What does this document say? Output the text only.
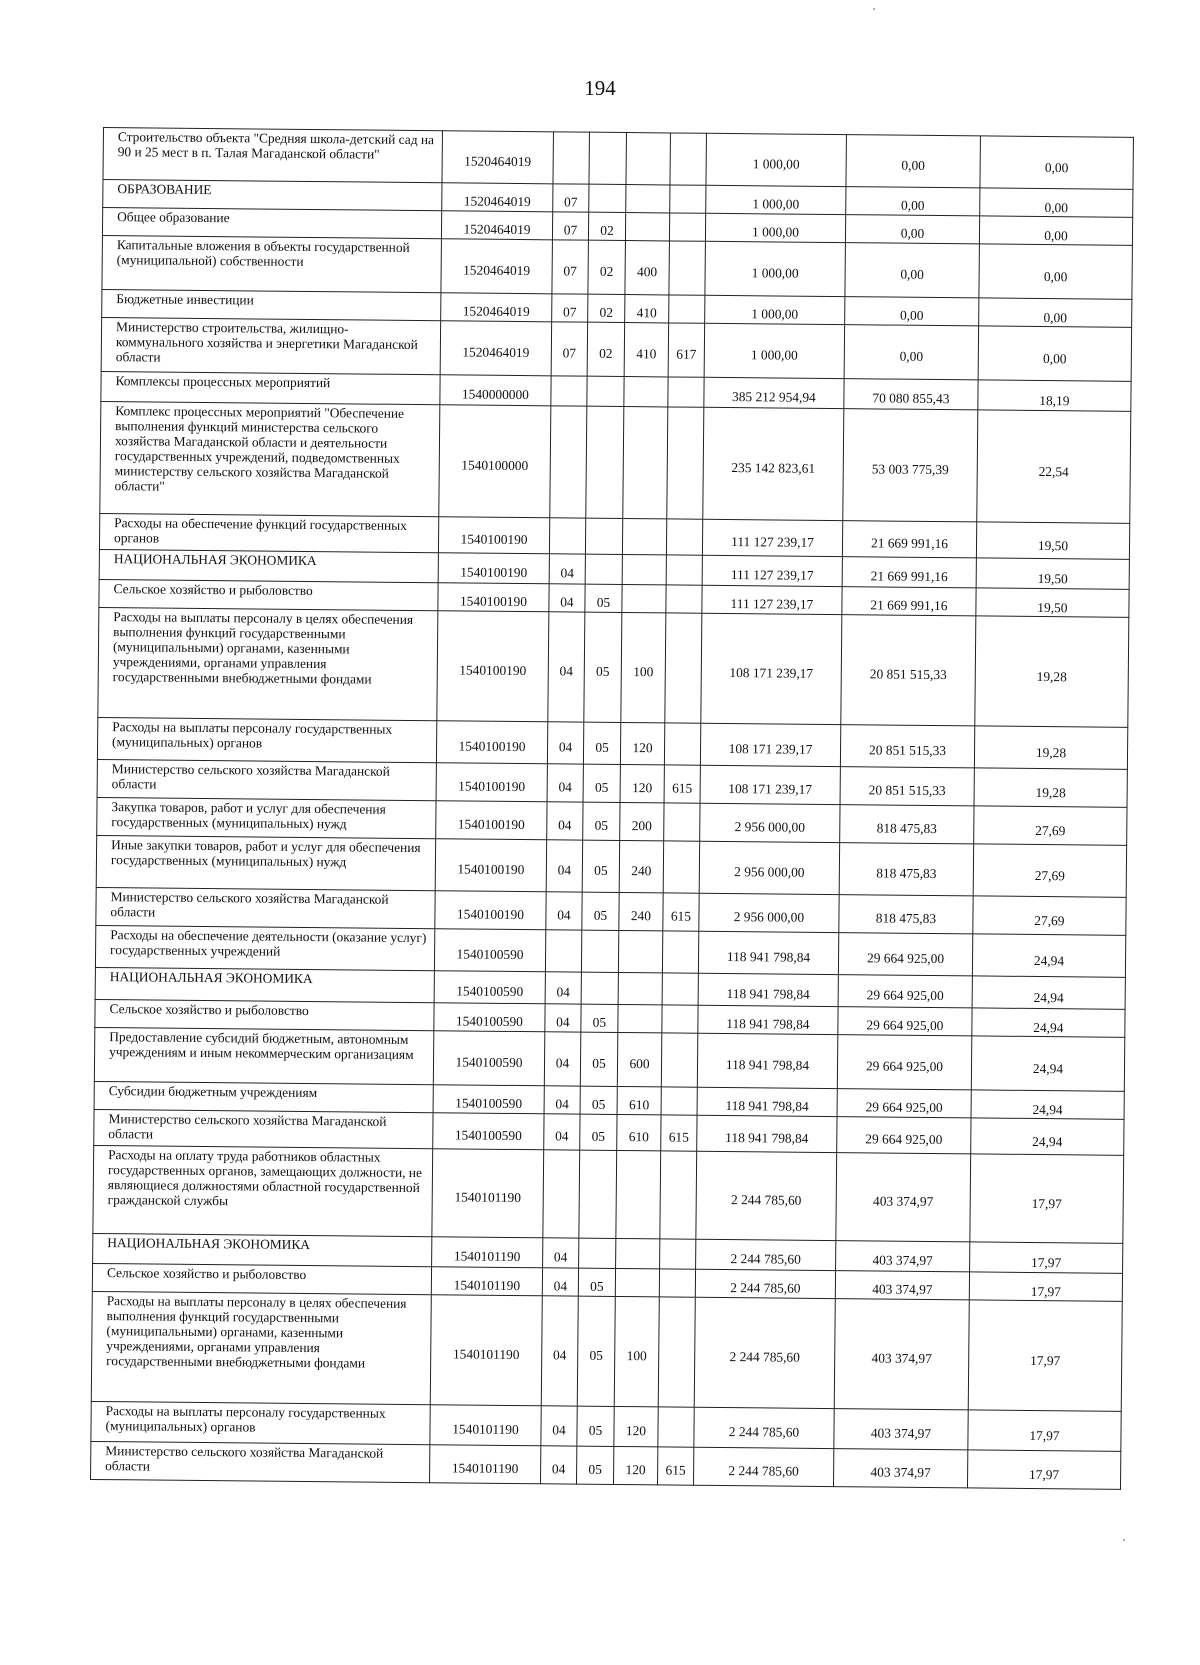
194
Строительство объекта "Средняя школа-детский сад на 90 и 25 мест в п. Талая Магаданской области"	1520464019					1 000,00	0,00	0,00
ОБРАЗОВАНИЕ	1520464019	07				1 000,00	0,00	0,00
Общее образование	1520464019	07	02			1 000,00	0,00	0,00
Капитальные вложения в объекты государственной (муниципальной) собственности	1520464019	07	02	400		1 000,00	0,00	0,00
Бюджетные инвестиции	1520464019	07	02	410		1 000,00	0,00	0,00
Министерство строительства, жилищно-коммунального хозяйства и энергетики Магаданской области	1520464019	07	02	410	617	1 000,00	0,00	0,00
Комплексы процессных мероприятий	1540000000					385 212 954,94	70 080 855,43	18,19
Комплекс процессных мероприятий "Обеспечение выполнения функций министерства сельского хозяйства Магаданской области и деятельности государственных учреждений, подведомственных министерству сельского хозяйства Магаданской области"	1540100000					235 142 823,61	53 003 775,39	22,54
Расходы на обеспечение функций государственных органов	1540100190					111 127 239,17	21 669 991,16	19,50
НАЦИОНАЛЬНАЯ ЭКОНОМИКА	1540100190	04				111 127 239,17	21 669 991,16	19,50
Сельское хозяйство и рыболовство	1540100190	04	05			111 127 239,17	21 669 991,16	19,50
Расходы на выплаты персоналу в целях обеспечения выполнения функций государственными (муниципальными) органами, казенными учреждениями, органами управления государственными внебюджетными фондами	1540100190	04	05	100		108 171 239,17	20 851 515,33	19,28
Расходы на выплаты персоналу государственных (муниципальных) органов	1540100190	04	05	120		108 171 239,17	20 851 515,33	19,28
Министерство сельского хозяйства Магаданской области	1540100190	04	05	120	615	108 171 239,17	20 851 515,33	19,28
Закупка товаров, работ и услуг для обеспечения государственных (муниципальных) нужд	1540100190	04	05	200		2 956 000,00	818 475,83	27,69
Иные закупки товаров, работ и услуг для обеспечения государственных (муниципальных) нужд	1540100190	04	05	240		2 956 000,00	818 475,83	27,69
Министерство сельского хозяйства Магаданской области	1540100190	04	05	240	615	2 956 000,00	818 475,83	27,69
Расходы на обеспечение деятельности (оказание услуг) государственных учреждений	1540100590					118 941 798,84	29 664 925,00	24,94
НАЦИОНАЛЬНАЯ ЭКОНОМИКА	1540100590	04				118 941 798,84	29 664 925,00	24,94
Сельское хозяйство и рыболовство	1540100590	04	05			118 941 798,84	29 664 925,00	24,94
Предоставление субсидий бюджетным, автономным учреждениям и иным некоммерческим организациям	1540100590	04	05	600		118 941 798,84	29 664 925,00	24,94
Субсидии бюджетным учреждениям	1540100590	04	05	610		118 941 798,84	29 664 925,00	24,94
Министерство сельского хозяйства Магаданской области	1540100590	04	05	610	615	118 941 798,84	29 664 925,00	24,94
Расходы на оплату труда работников областных государственных органов, замещающих должности, не являющиеся должностями областной государственной гражданской службы	1540101190					2 244 785,60	403 374,97	17,97
НАЦИОНАЛЬНАЯ ЭКОНОМИКА	1540101190	04				2 244 785,60	403 374,97	17,97
Сельское хозяйство и рыболовство	1540101190	04	05			2 244 785,60	403 374,97	17,97
Расходы на выплаты персоналу в целях обеспечения выполнения функций государственными (муниципальными) органами, казенными учреждениями, органами управления государственными внебюджетными фондами	1540101190	04	05	100		2 244 785,60	403 374,97	17,97
Расходы на выплаты персоналу государственных (муниципальных) органов	1540101190	04	05	120		2 244 785,60	403 374,97	17,97
Министерство сельского хозяйства Магаданской области	1540101190	04	05	120	615	2 244 785,60	403 374,97	17,97
